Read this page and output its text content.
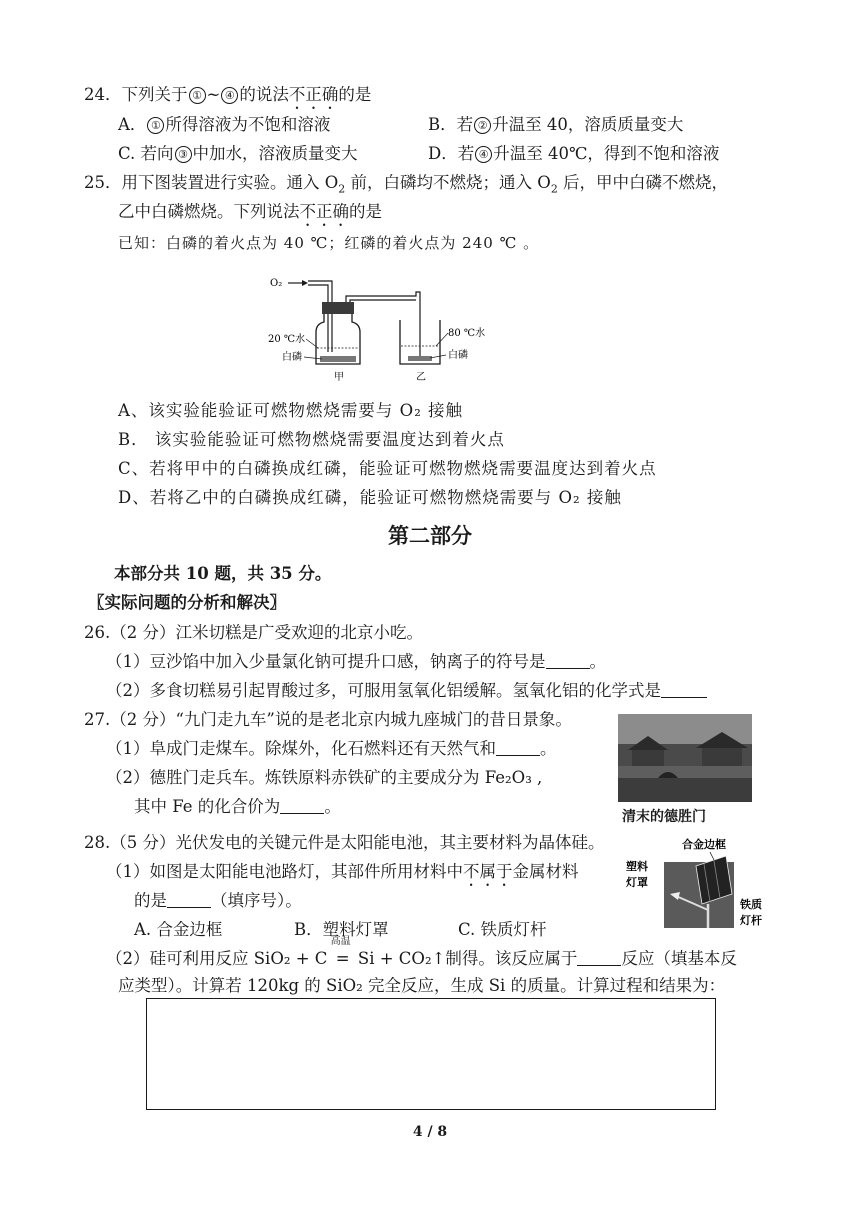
24．下列关于 ① ~ ④ 的说法不正确的是
A． ① 所得溶液为不饱和溶液	B．若 ② 升温至 40，溶质质量变大
C. 若向 ③ 中加水，溶液质量变大	D．若 ④ 升温至 40℃，得到不饱和溶液
25．用下图装置进行实验。通入 $O_2$ 前，白磷均不燃烧；通入 $O_2$ 后，甲中白磷不燃烧，
乙中白磷燃烧。下列说法不正确的是
已知：白磷的着火点为 40 ℃；红磷的着火点为 240 ℃ 。
O₂
20 ℃水
白磷
80 ℃水
白磷
甲	乙
A、该实验能验证可燃物燃烧需要与 O₂ 接触
B． 该实验能验证可燃物燃烧需要温度达到着火点
C、若将甲中的白磷换成红磷，能验证可燃物燃烧需要温度达到着火点
D、若将乙中的白磷换成红磷，能验证可燃物燃烧需要与 O₂ 接触
第二部分
本部分共 10 题，共 35 分。
〖实际问题的分析和解决〗
26.（2 分）江米切糕是广受欢迎的北京小吃。
（1）豆沙馅中加入少量氯化钠可提升口感，钠离子的符号是	。
（2）多食切糕易引起胃酸过多，可服用氢氧化铝缓解。氢氧化铝的化学式是
27.（2 分）“九门走九车”说的是老北京内城九座城门的昔日景象。
（1）阜成门走煤车。除煤外，化石燃料还有天然气和	。
（2）德胜门走兵车。炼铁原料赤铁矿的主要成分为 Fe₂O₃ ,
其中 Fe 的化合价为	。
清末的德胜门
28.（5 分）光伏发电的关键元件是太阳能电池，其主要材料为晶体硅。
（1）如图是太阳能电池路灯，其部件所用材料中不属于金属材料
的是	（填序号）。
A. 合金边框	B．塑料灯罩	C. 铁质灯杆
合金边框
塑料
灯罩
铁质
灯杆
（2）硅可利用反应 SiO₂ + C
高温
= Si + CO₂↑制得。该反应属于	反应（填基本反
应类型）。计算若 120kg 的 SiO₂ 完全反应，生成 Si 的质量。计算过程和结果为：
4 / 8
